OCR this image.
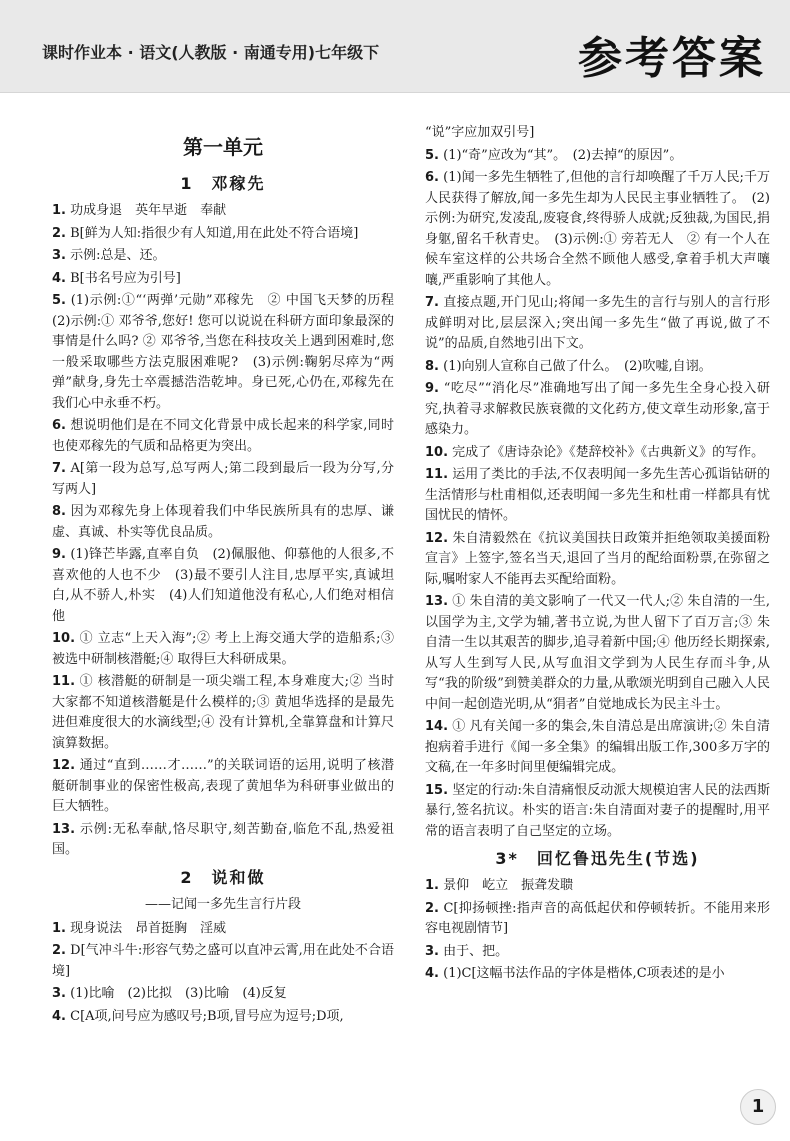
课时作业本 · 语文(人教版 · 南通专用)七年级下	参考答案
第一单元
1　邓稼先
1. 功成身退　英年早逝　奉献
2. B[鲜为人知:指很少有人知道,用在此处不符合语境]
3. 示例:总是、还。
4. B[书名号应为引号]
5. (1)示例:①“‘两弹’元勋”邓稼先　② 中国飞天梦的历程　(2)示例:① 邓爷爷,您好! 您可以说说在科研方面印象最深的事情是什么吗? ② 邓爷爷,当您在科技攻关上遇到困难时,您一般采取哪些方法克服困难呢?　(3)示例:鞠躬尽瘁为“两弹”献身,身先士卒震撼浩浩乾坤。身已死,心仍在,邓稼先在我们心中永垂不朽。
6. 想说明他们是在不同文化背景中成长起来的科学家,同时也使邓稼先的气质和品格更为突出。
7. A[第一段为总写,总写两人;第二段到最后一段为分写,分写两人]
8. 因为邓稼先身上体现着我们中华民族所具有的忠厚、谦虚、真诚、朴实等优良品质。
9. (1)锋芒毕露,直率自负　(2)佩服他、仰慕他的人很多,不喜欢他的人也不少　(3)最不要引人注目,忠厚平实,真诚坦白,从不骄人,朴实　(4)人们知道他没有私心,人们绝对相信他
10. ① 立志“上天入海”;② 考上上海交通大学的造船系;③ 被选中研制核潜艇;④ 取得巨大科研成果。
11. ① 核潜艇的研制是一项尖端工程,本身难度大;② 当时大家都不知道核潜艇是什么模样的;③ 黄旭华选择的是最先进但难度很大的水滴线型;④ 没有计算机,全靠算盘和计算尺演算数据。
12. 通过“直到……才……”的关联词语的运用,说明了核潜艇研制事业的保密性极高,表现了黄旭华为科研事业做出的巨大牺牲。
13. 示例:无私奉献,恪尽职守,刻苦勤奋,临危不乱,热爱祖国。
2　说和做
——记闻一多先生言行片段
1. 现身说法　昂首挺胸　淫威
2. D[气冲斗牛:形容气势之盛可以直冲云霄,用在此处不合语境]
3. (1)比喻　(2)比拟　(3)比喻　(4)反复
4. C[A项,问号应为感叹号;B项,冒号应为逗号;D项,
“说”字应加双引号]
5. (1)“奇”应改为“其”。　(2)去掉“的原因”。
6. (1)闻一多先生牺牲了,但他的言行却唤醒了千万人民;千万人民获得了解放,闻一多先生却为人民民主事业牺牲了。　(2)示例:为研究,发凌乱,废寝食,终得骄人成就;反独裁,为国民,捐身躯,留名千秋青史。　(3)示例:① 旁若无人　② 有一个人在候车室这样的公共场合全然不顾他人感受,拿着手机大声嚷嚷,严重影响了其他人。
7. 直接点题,开门见山;将闻一多先生的言行与别人的言行形成鲜明对比,层层深入;突出闻一多先生“做了再说,做了不说”的品质,自然地引出下文。
8. (1)向别人宣称自己做了什么。　(2)吹嘘,自诩。
9. “吃尽”“消化尽”准确地写出了闻一多先生全身心投入研究,执着寻求解救民族衰微的文化药方,使文章生动形象,富于感染力。
10. 完成了《唐诗杂论》《楚辞校补》《古典新义》的写作。
11. 运用了类比的手法,不仅表明闻一多先生苦心孤诣钻研的生活情形与杜甫相似,还表明闻一多先生和杜甫一样都具有忧国忧民的情怀。
12. 朱自清毅然在《抗议美国扶日政策并拒绝领取美援面粉宣言》上签字,签名当天,退回了当月的配给面粉票,在弥留之际,嘱咐家人不能再去买配给面粉。
13. ① 朱自清的美文影响了一代又一代人;② 朱自清的一生,以国学为主,文学为辅,著书立说,为世人留下了百万言;③ 朱自清一生以其艰苦的脚步,追寻着新中国;④ 他历经长期探索,从写人生到写人民,从写血泪文学到为人民生存而斗争,从写“我的阶级”到赞美群众的力量,从歌颂光明到自己融入人民中间一起创造光明,从“狷者”自觉地成长为民主斗士。
14. ① 凡有关闻一多的集会,朱自清总是出席演讲;② 朱自清抱病着手进行《闻一多全集》的编辑出版工作,300多万字的文稿,在一年多时间里便编辑完成。
15. 坚定的行动:朱自清痛恨反动派大规模迫害人民的法西斯暴行,签名抗议。朴实的语言:朱自清面对妻子的提醒时,用平常的语言表明了自己坚定的立场。
3*　回忆鲁迅先生(节选)
1. 景仰　屹立　振聋发聩
2. C[抑扬顿挫:指声音的高低起伏和停顿转折。不能用来形容电视剧情节]
3. 由于、把。
4. (1)C[这幅书法作品的字体是楷体,C项表述的是小
1
